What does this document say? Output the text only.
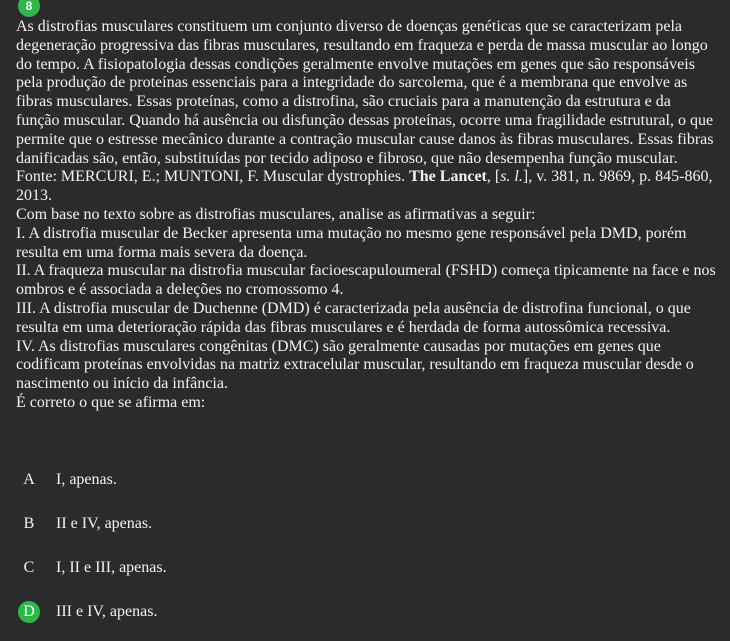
8

As distrofias musculares constituem um conjunto diverso de doenças genéticas que se caracterizam pela degeneração progressiva das fibras musculares, resultando em fraqueza e perda de massa muscular ao longo do tempo. A fisiopatologia dessas condições geralmente envolve mutações em genes que são responsáveis pela produção de proteínas essenciais para a integridade do sarcolema, que é a membrana que envolve as fibras musculares. Essas proteínas, como a distrofina, são cruciais para a manutenção da estrutura e da função muscular. Quando há ausência ou disfunção dessas proteínas, ocorre uma fragilidade estrutural, o que permite que o estresse mecânico durante a contração muscular cause danos às fibras musculares. Essas fibras danificadas são, então, substituídas por tecido adiposo e fibroso, que não desempenha função muscular.

Fonte: MERCURI, E.; MUNTONI, F. Muscular dystrophies. The Lancet, [s. l.], v. 381, n. 9869, p. 845-860, 2013.

Com base no texto sobre as distrofias musculares, analise as afirmativas a seguir:

I. A distrofia muscular de Becker apresenta uma mutação no mesmo gene responsável pela DMD, porém resulta em uma forma mais severa da doença.

II. A fraqueza muscular na distrofia muscular facioescapuloumeral (FSHD) começa tipicamente na face e nos ombros e é associada a deleções no cromossomo 4.

III. A distrofia muscular de Duchenne (DMD) é caracterizada pela ausência de distrofina funcional, o que resulta em uma deterioração rápida das fibras musculares e é herdada de forma autossômica recessiva.

IV. As distrofias musculares congênitas (DMC) são geralmente causadas por mutações em genes que codificam proteínas envolvidas na matriz extracelular muscular, resultando em fraqueza muscular desde o nascimento ou início da infância.

É correto o que se afirma em:

A	I, apenas.
B	II e IV, apenas.
C	I, II e III, apenas.
D	III e IV, apenas.
